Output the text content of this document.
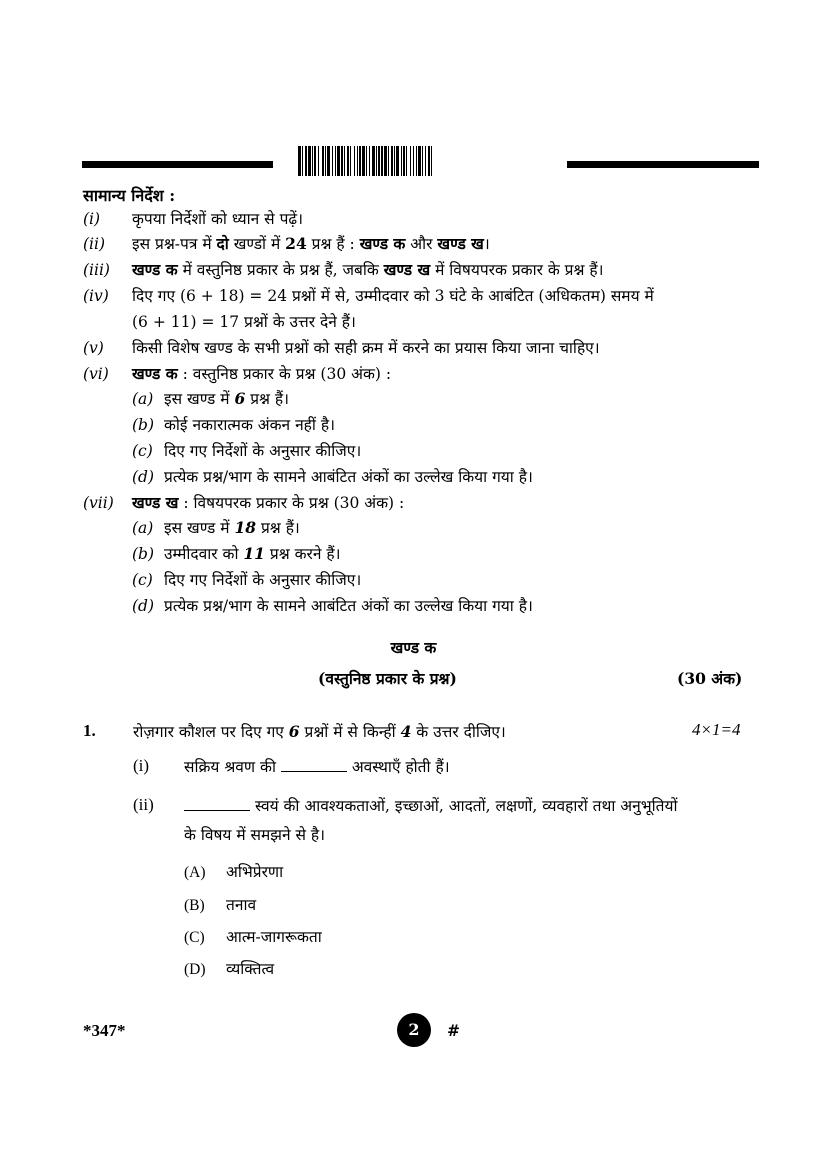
सामान्य निर्देश :
(i) कृपया निर्देशों को ध्यान से पढ़ें।
(ii) इस प्रश्न-पत्र में दो खण्डों में 24 प्रश्न हैं : खण्ड क और खण्ड ख।
(iii) खण्ड क में वस्तुनिष्ठ प्रकार के प्रश्न हैं, जबकि खण्ड ख में विषयपरक प्रकार के प्रश्न हैं।
(iv) दिए गए (6 + 18) = 24 प्रश्नों में से, उम्मीदवार को 3 घंटे के आबंटित (अधिकतम) समय में
(6 + 11) = 17 प्रश्नों के उत्तर देने हैं।
(v) किसी विशेष खण्ड के सभी प्रश्नों को सही क्रम में करने का प्रयास किया जाना चाहिए।
(vi) खण्ड क : वस्तुनिष्ठ प्रकार के प्रश्न (30 अंक) :
(a) इस खण्ड में 6 प्रश्न हैं।
(b) कोई नकारात्मक अंकन नहीं है।
(c) दिए गए निर्देशों के अनुसार कीजिए।
(d) प्रत्येक प्रश्न/भाग के सामने आबंटित अंकों का उल्लेख किया गया है।
(vii) खण्ड ख : विषयपरक प्रकार के प्रश्न (30 अंक) :
(a) इस खण्ड में 18 प्रश्न हैं।
(b) उम्मीदवार को 11 प्रश्न करने हैं।
(c) दिए गए निर्देशों के अनुसार कीजिए।
(d) प्रत्येक प्रश्न/भाग के सामने आबंटित अंकों का उल्लेख किया गया है।
खण्ड क
(वस्तुनिष्ठ प्रकार के प्रश्न)	(30 अंक)
1. रोज़गार कौशल पर दिए गए 6 प्रश्नों में से किन्हीं 4 के उत्तर दीजिए।	4×1=4
(i) सक्रिय श्रवण की	अवस्थाएँ होती हैं।
(ii)	स्वयं की आवश्यकताओं, इच्छाओं, आदतों, लक्षणों, व्यवहारों तथा अनुभूतियों
के विषय में समझने से है।
(A) अभिप्रेरणा
(B) तनाव
(C) आत्म-जागरूकता
(D) व्यक्तित्व
*347*	2	#
